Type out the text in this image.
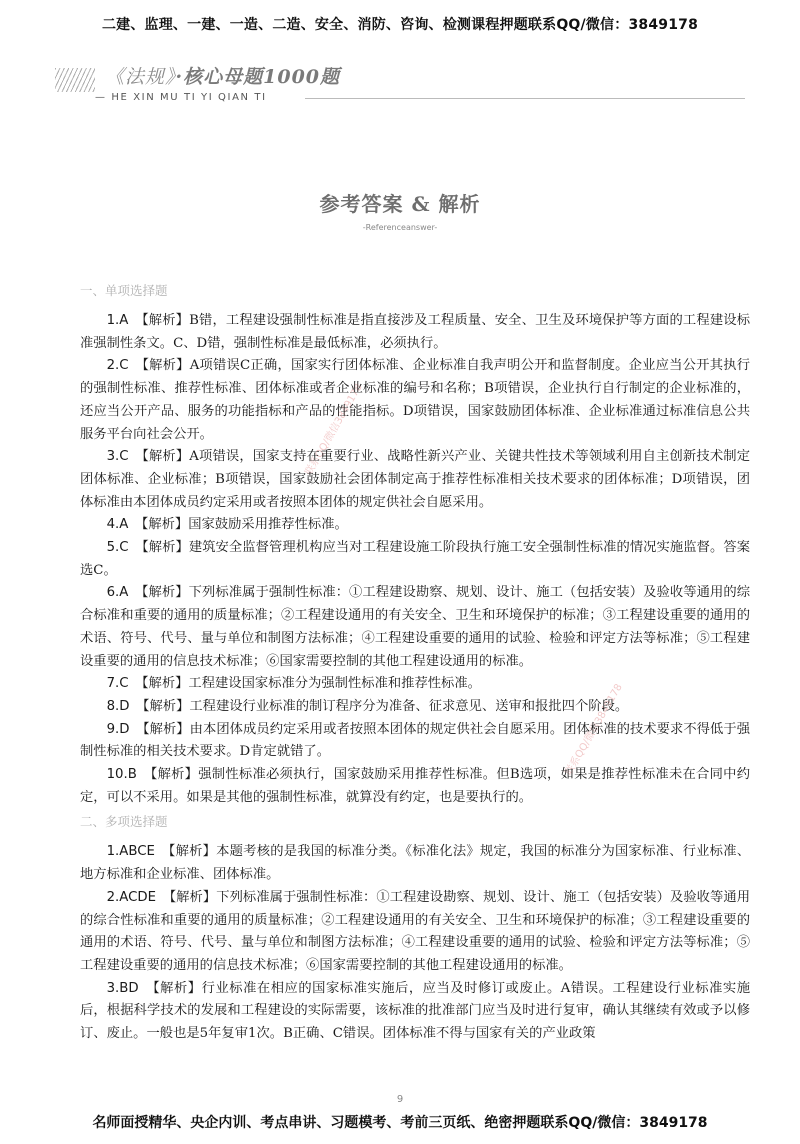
二建、监理、一建、一造、二造、安全、消防、咨询、检测课程押题联系QQ/微信：3849178
《法规》·核心母题1000题
— HE XIN MU TI YI QIAN TI
参考答案 & 解析
-Referenceanswer-
联系QQ/微信3849178
联系QQ/微信3849178
一、单项选择题

1.A　 【解析】B错，工程建设强制性标准是指直接涉及工程质量、安全、卫生及环境保护等方面的工程建设标准强制性条文。C、D错，强制性标准是最低标准，必须执行。

2.C　 【解析】A项错误C正确，国家实行团体标准、企业标准自我声明公开和监督制度。企业应当公开其执行的强制性标准、推荐性标准、团体标准或者企业标准的编号和名称；B项错误，企业执行自行制定的企业标准的，还应当公开产品、服务的功能指标和产品的性能指标。D项错误，国家鼓励团体标准、企业标准通过标准信息公共服务平台向社会公开。

3.C　 【解析】A项错误，国家支持在重要行业、战略性新兴产业、关键共性技术等领域利用自主创新技术制定团体标准、企业标准；B项错误，国家鼓励社会团体制定高于推荐性标准相关技术要求的团体标准；D项错误，团体标准由本团体成员约定采用或者按照本团体的规定供社会自愿采用。

4.A　 【解析】国家鼓励采用推荐性标准。

5.C　 【解析】建筑安全监督管理机构应当对工程建设施工阶段执行施工安全强制性标准的情况实施监督。答案选C。

6.A　 【解析】下列标准属于强制性标准：①工程建设勘察、规划、设计、施工（包括安装）及验收等通用的综合标准和重要的通用的质量标准；②工程建设通用的有关安全、卫生和环境保护的标准；③工程建设重要的通用的术语、符号、代号、量与单位和制图方法标准；④工程建设重要的通用的试验、检验和评定方法等标准；⑤工程建设重要的通用的信息技术标准；⑥国家需要控制的其他工程建设通用的标准。

7.C　 【解析】工程建设国家标准分为强制性标准和推荐性标准。

8.D　 【解析】工程建设行业标准的制订程序分为准备、征求意见、送审和报批四个阶段。

9.D　 【解析】由本团体成员约定采用或者按照本团体的规定供社会自愿采用。团体标准的技术要求不得低于强制性标准的相关技术要求。D肯定就错了。

10.B　 【解析】强制性标准必须执行，国家鼓励采用推荐性标准。但B选项，如果是推荐性标准未在合同中约定，可以不采用。如果是其他的强制性标准，就算没有约定，也是要执行的。

二、多项选择题

1.ABCE　 【解析】本题考核的是我国的标准分类。《标准化法》规定，我国的标准分为国家标准、行业标准、地方标准和企业标准、团体标准。

2.ACDE　 【解析】下列标准属于强制性标准：①工程建设勘察、规划、设计、施工（包括安装）及验收等通用的综合性标准和重要的通用的质量标准；②工程建设通用的有关安全、卫生和环境保护的标准；③工程建设重要的通用的术语、符号、代号、量与单位和制图方法标准；④工程建设重要的通用的试验、检验和评定方法等标准；⑤工程建设重要的通用的信息技术标准；⑥国家需要控制的其他工程建设通用的标准。

3.BD　 【解析】行业标准在相应的国家标准实施后，应当及时修订或废止。A错误。工程建设行业标准实施后，根据科学技术的发展和工程建设的实际需要，该标准的批准部门应当及时进行复审，确认其继续有效或予以修订、废止。一般也是5年复审1次。B正确、C错误。团体标准不得与国家有关的产业政策

9
名师面授精华、央企内训、考点串讲、习题模考、考前三页纸、绝密押题联系QQ/微信：3849178
